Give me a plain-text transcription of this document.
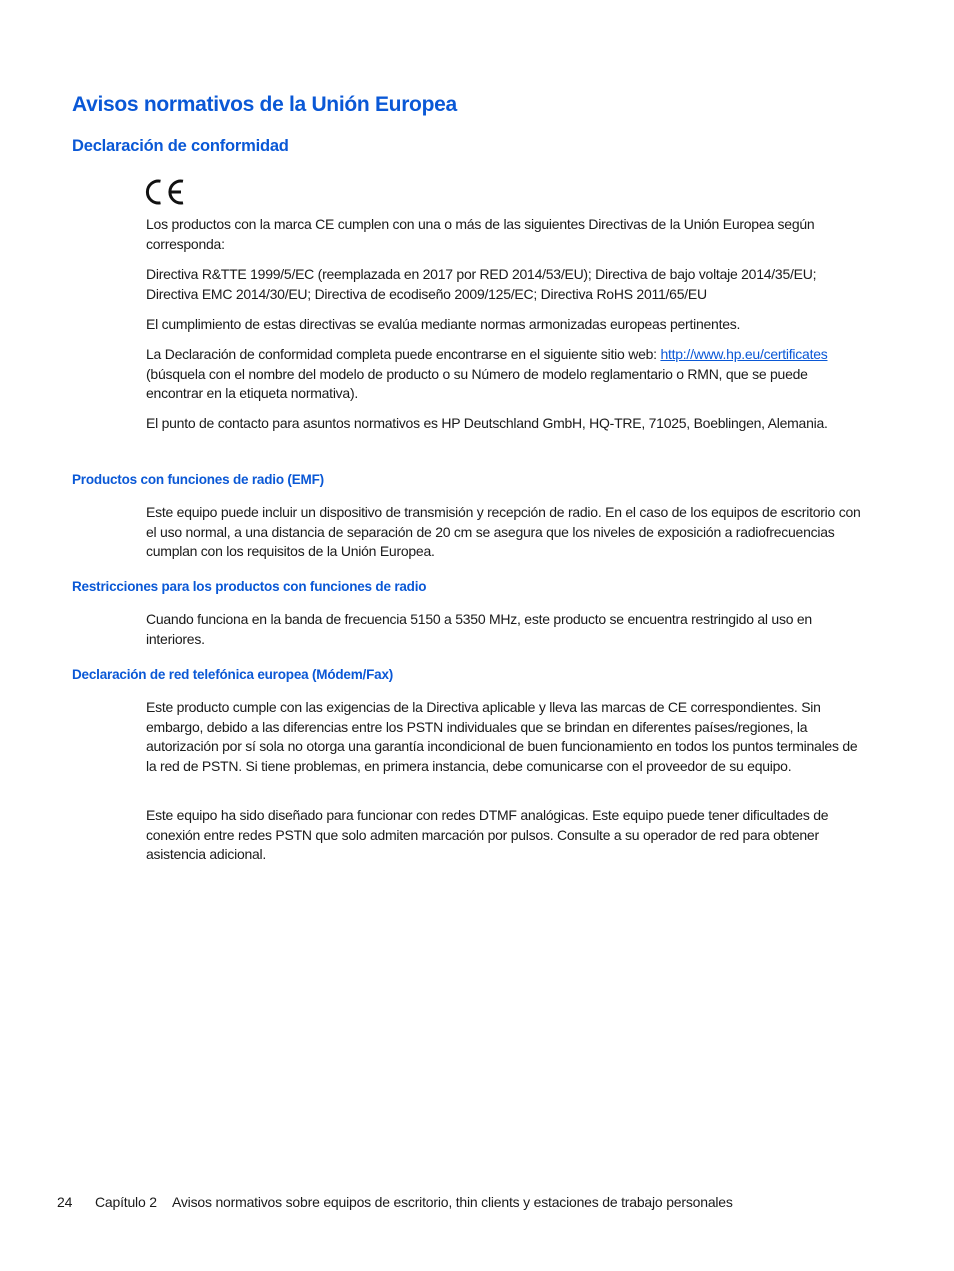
Avisos normativos de la Unión Europea
Declaración de conformidad

Los productos con la marca CE cumplen con una o más de las siguientes Directivas de la Unión Europea según corresponda:

Directiva R&TTE 1999/5/EC (reemplazada en 2017 por RED 2014/53/EU); Directiva de bajo voltaje 2014/35/EU; Directiva EMC 2014/30/EU; Directiva de ecodiseño 2009/125/EC; Directiva RoHS 2011/65/EU

El cumplimiento de estas directivas se evalúa mediante normas armonizadas europeas pertinentes.

La Declaración de conformidad completa puede encontrarse en el siguiente sitio web: http://www.hp.eu/certificates (búsquela con el nombre del modelo de producto o su Número de modelo reglamentario o RMN, que se puede encontrar en la etiqueta normativa).

El punto de contacto para asuntos normativos es HP Deutschland GmbH, HQ-TRE, 71025, Boeblingen, Alemania.

Productos con funciones de radio (EMF)

Este equipo puede incluir un dispositivo de transmisión y recepción de radio. En el caso de los equipos de escritorio con el uso normal, a una distancia de separación de 20 cm se asegura que los niveles de exposición a radiofrecuencias cumplan con los requisitos de la Unión Europea.

Restricciones para los productos con funciones de radio

Cuando funciona en la banda de frecuencia 5150 a 5350 MHz, este producto se encuentra restringido al uso en interiores.

Declaración de red telefónica europea (Módem/Fax)

Este producto cumple con las exigencias de la Directiva aplicable y lleva las marcas de CE correspondientes. Sin embargo, debido a las diferencias entre los PSTN individuales que se brindan en diferentes países/regiones, la autorización por sí sola no otorga una garantía incondicional de buen funcionamiento en todos los puntos terminales de la red de PSTN. Si tiene problemas, en primera instancia, debe comunicarse con el proveedor de su equipo.

Este equipo ha sido diseñado para funcionar con redes DTMF analógicas. Este equipo puede tener dificultades de conexión entre redes PSTN que solo admiten marcación por pulsos. Consulte a su operador de red para obtener asistencia adicional.

24 Capítulo 2 Avisos normativos sobre equipos de escritorio, thin clients y estaciones de trabajo personales
